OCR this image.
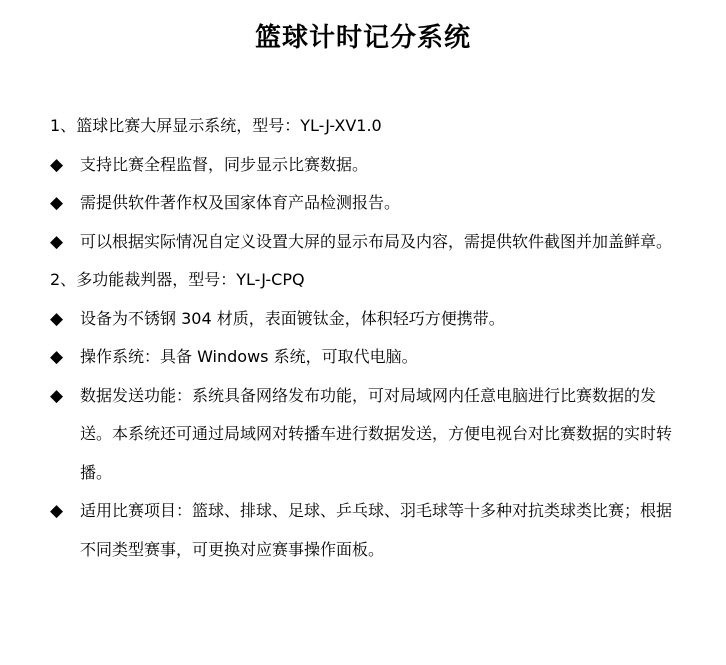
篮球计时记分系统
1、篮球比赛大屏显示系统，型号：YL-J-XV1.0
◆	支持比赛全程监督，同步显示比赛数据。
◆	需提供软件著作权及国家体育产品检测报告。
◆	可以根据实际情况自定义设置大屏的显示布局及内容，需提供软件截图并加盖鲜章。
2、多功能裁判器，型号：YL-J-CPQ
◆	设备为不锈钢 304 材质，表面镀钛金，体积轻巧方便携带。
◆	操作系统：具备 Windows 系统，可取代电脑。
◆	数据发送功能：系统具备网络发布功能，可对局域网内任意电脑进行比赛数据的发送。本系统还可通过局域网对转播车进行数据发送，方便电视台对比赛数据的实时转播。
◆	适用比赛项目：篮球、排球、足球、乒乓球、羽毛球等十多种对抗类球类比赛；根据不同类型赛事，可更换对应赛事操作面板。
